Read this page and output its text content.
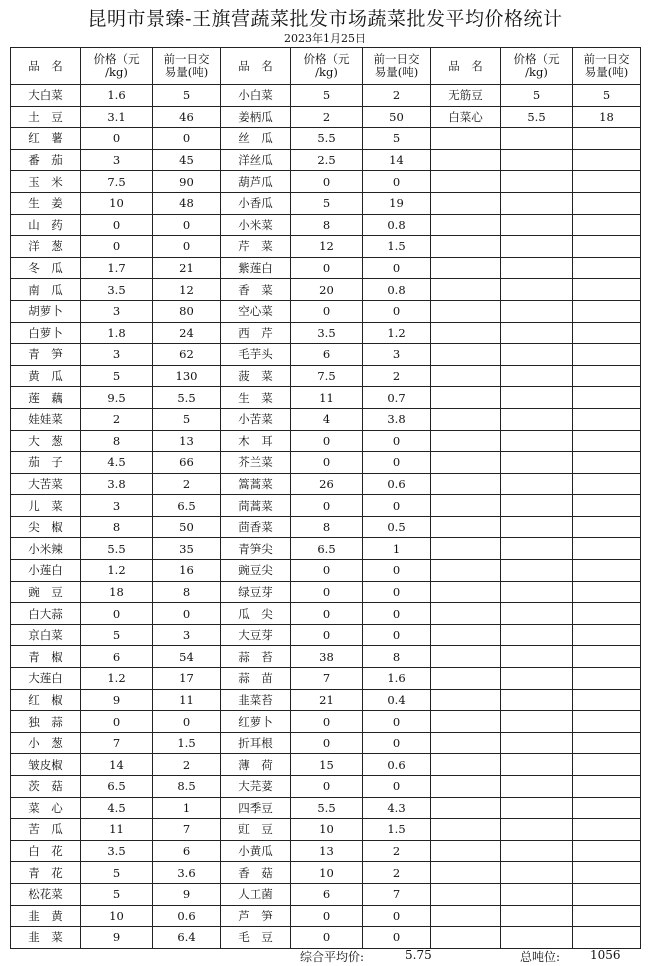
昆明市景臻-王旗营蔬菜批发市场蔬菜批发平均价格统计
2023年1月25日
品　名	价格（元
/kg)	前一日交
易量(吨)	品　名	价格（元
/kg)	前一日交
易量(吨)	品　名	价格（元
/kg)	前一日交
易量(吨)
大白菜	1.6	5	小白菜	5	2	无筋豆	5	5
土　豆	3.1	46	姜柄瓜	2	50	白菜心	5.5	18
红　薯	0	0	丝　瓜	5.5	5			
番　茄	3	45	洋丝瓜	2.5	14			
玉　米	7.5	90	葫芦瓜	0	0			
生　姜	10	48	小香瓜	5	19			
山　药	0	0	小米菜	8	0.8			
洋　葱	0	0	芹　菜	12	1.5			
冬　瓜	1.7	21	紫莲白	0	0			
南　瓜	3.5	12	香　菜	20	0.8			
胡萝卜	3	80	空心菜	0	0			
白萝卜	1.8	24	西　芹	3.5	1.2			
青　笋	3	62	毛芋头	6	3			
黄　瓜	5	130	菠　菜	7.5	2			
莲　藕	9.5	5.5	生　菜	11	0.7			
娃娃菜	2	5	小苦菜	4	3.8			
大　葱	8	13	木　耳	0	0			
茄　子	4.5	66	芥兰菜	0	0			
大苦菜	3.8	2	篙蒿菜	26	0.6			
儿　菜	3	6.5	茼蒿菜	0	0			
尖　椒	8	50	茴香菜	8	0.5			
小米辣	5.5	35	青笋尖	6.5	1			
小莲白	1.2	16	豌豆尖	0	0			
豌　豆	18	8	绿豆芽	0	0			
白大蒜	0	0	瓜　尖	0	0			
京白菜	5	3	大豆芽	0	0			
青　椒	6	54	蒜　苔	38	8			
大莲白	1.2	17	蒜　苗	7	1.6			
红　椒	9	11	韭菜苔	21	0.4			
独　蒜	0	0	红萝卜	0	0			
小　葱	7	1.5	折耳根	0	0			
皱皮椒	14	2	薄　荷	15	0.6			
茨　菇	6.5	8.5	大芫荽	0	0			
菜　心	4.5	1	四季豆	5.5	4.3			
苦　瓜	11	7	豇　豆	10	1.5			
白　花	3.5	6	小黄瓜	13	2			
青　花	5	3.6	香　菇	10	2			
松花菜	5	9	人工菌	6	7			
韭　黄	10	0.6	芦　笋	0	0			
韭　菜	9	6.4	毛　豆	0	0			
综合平均价:	5.75	总吨位: 1056
